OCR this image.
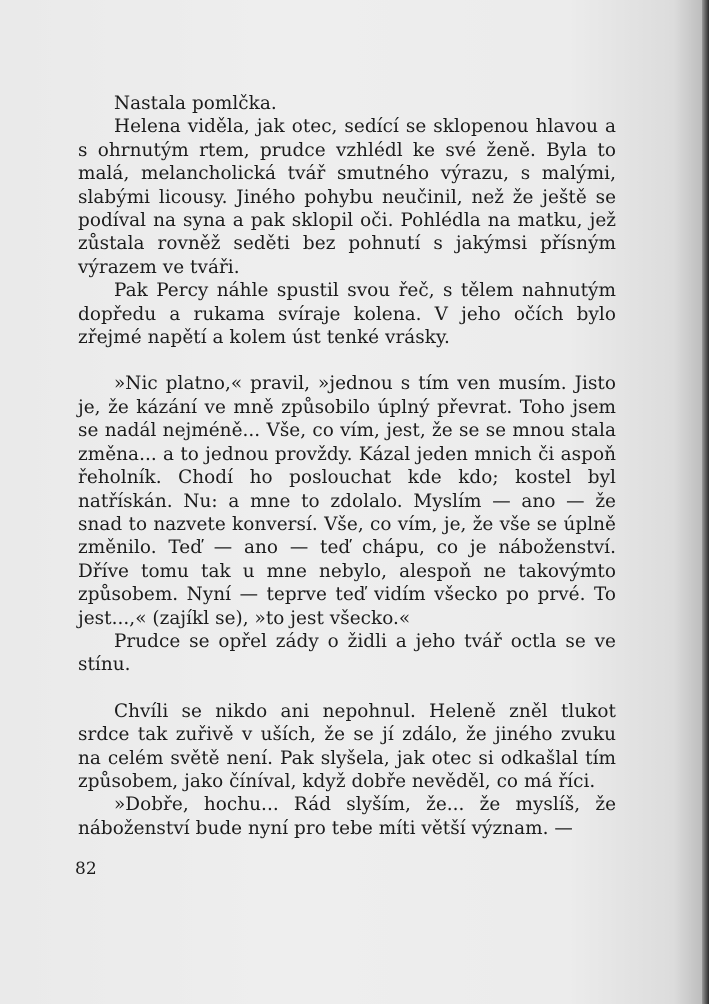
Nastala pomlčka.

Helena viděla, jak otec, sedící se sklopenou hlavou a s ohrnutým rtem, prudce vzhlédl ke své ženě. Byla to malá, melancholická tvář smutného výrazu, s malými, slabými licousy. Jiného pohybu neučinil, než že ještě se podíval na syna a pak sklopil oči. Pohlédla na matku, jež zůstala rovněž seděti bez pohnutí s jakýmsi přísným výrazem ve tváři.

Pak Percy náhle spustil svou řeč, s tělem nahnutým dopředu a rukama svíraje kolena. V jeho očích bylo zřejmé napětí a kolem úst tenké vrásky.

»Nic platno,« pravil, »jednou s tím ven musím. Jisto je, že kázání ve mně způsobilo úplný převrat. Toho jsem se nadál nejméně... Vše, co vím, jest, že se se mnou stala změna... a to jednou provždy. Kázal jeden mnich či aspoň řeholník. Chodí ho poslouchat kde kdo; kostel byl natřískán. Nu: a mne to zdolalo. Myslím — ano — že snad to nazvete konversí. Vše, co vím, je, že vše se úplně změnilo. Teď — ano — teď chápu, co je náboženství. Dříve tomu tak u mne nebylo, alespoň ne takovýmto způsobem. Nyní — teprve teď vidím všecko po prvé. To jest...,« (zajíkl se), »to jest všecko.«

Prudce se opřel zády o židli a jeho tvář octla se ve stínu.

Chvíli se nikdo ani nepohnul. Heleně zněl tlukot srdce tak zuřivě v uších, že se jí zdálo, že jiného zvuku na celém světě není. Pak slyšela, jak otec si odkašlal tím způsobem, jako číníval, když dobře nevěděl, co má říci.

»Dobře, hochu... Rád slyším, že... že myslíš, že náboženství bude nyní pro tebe míti větší význam. —

82
